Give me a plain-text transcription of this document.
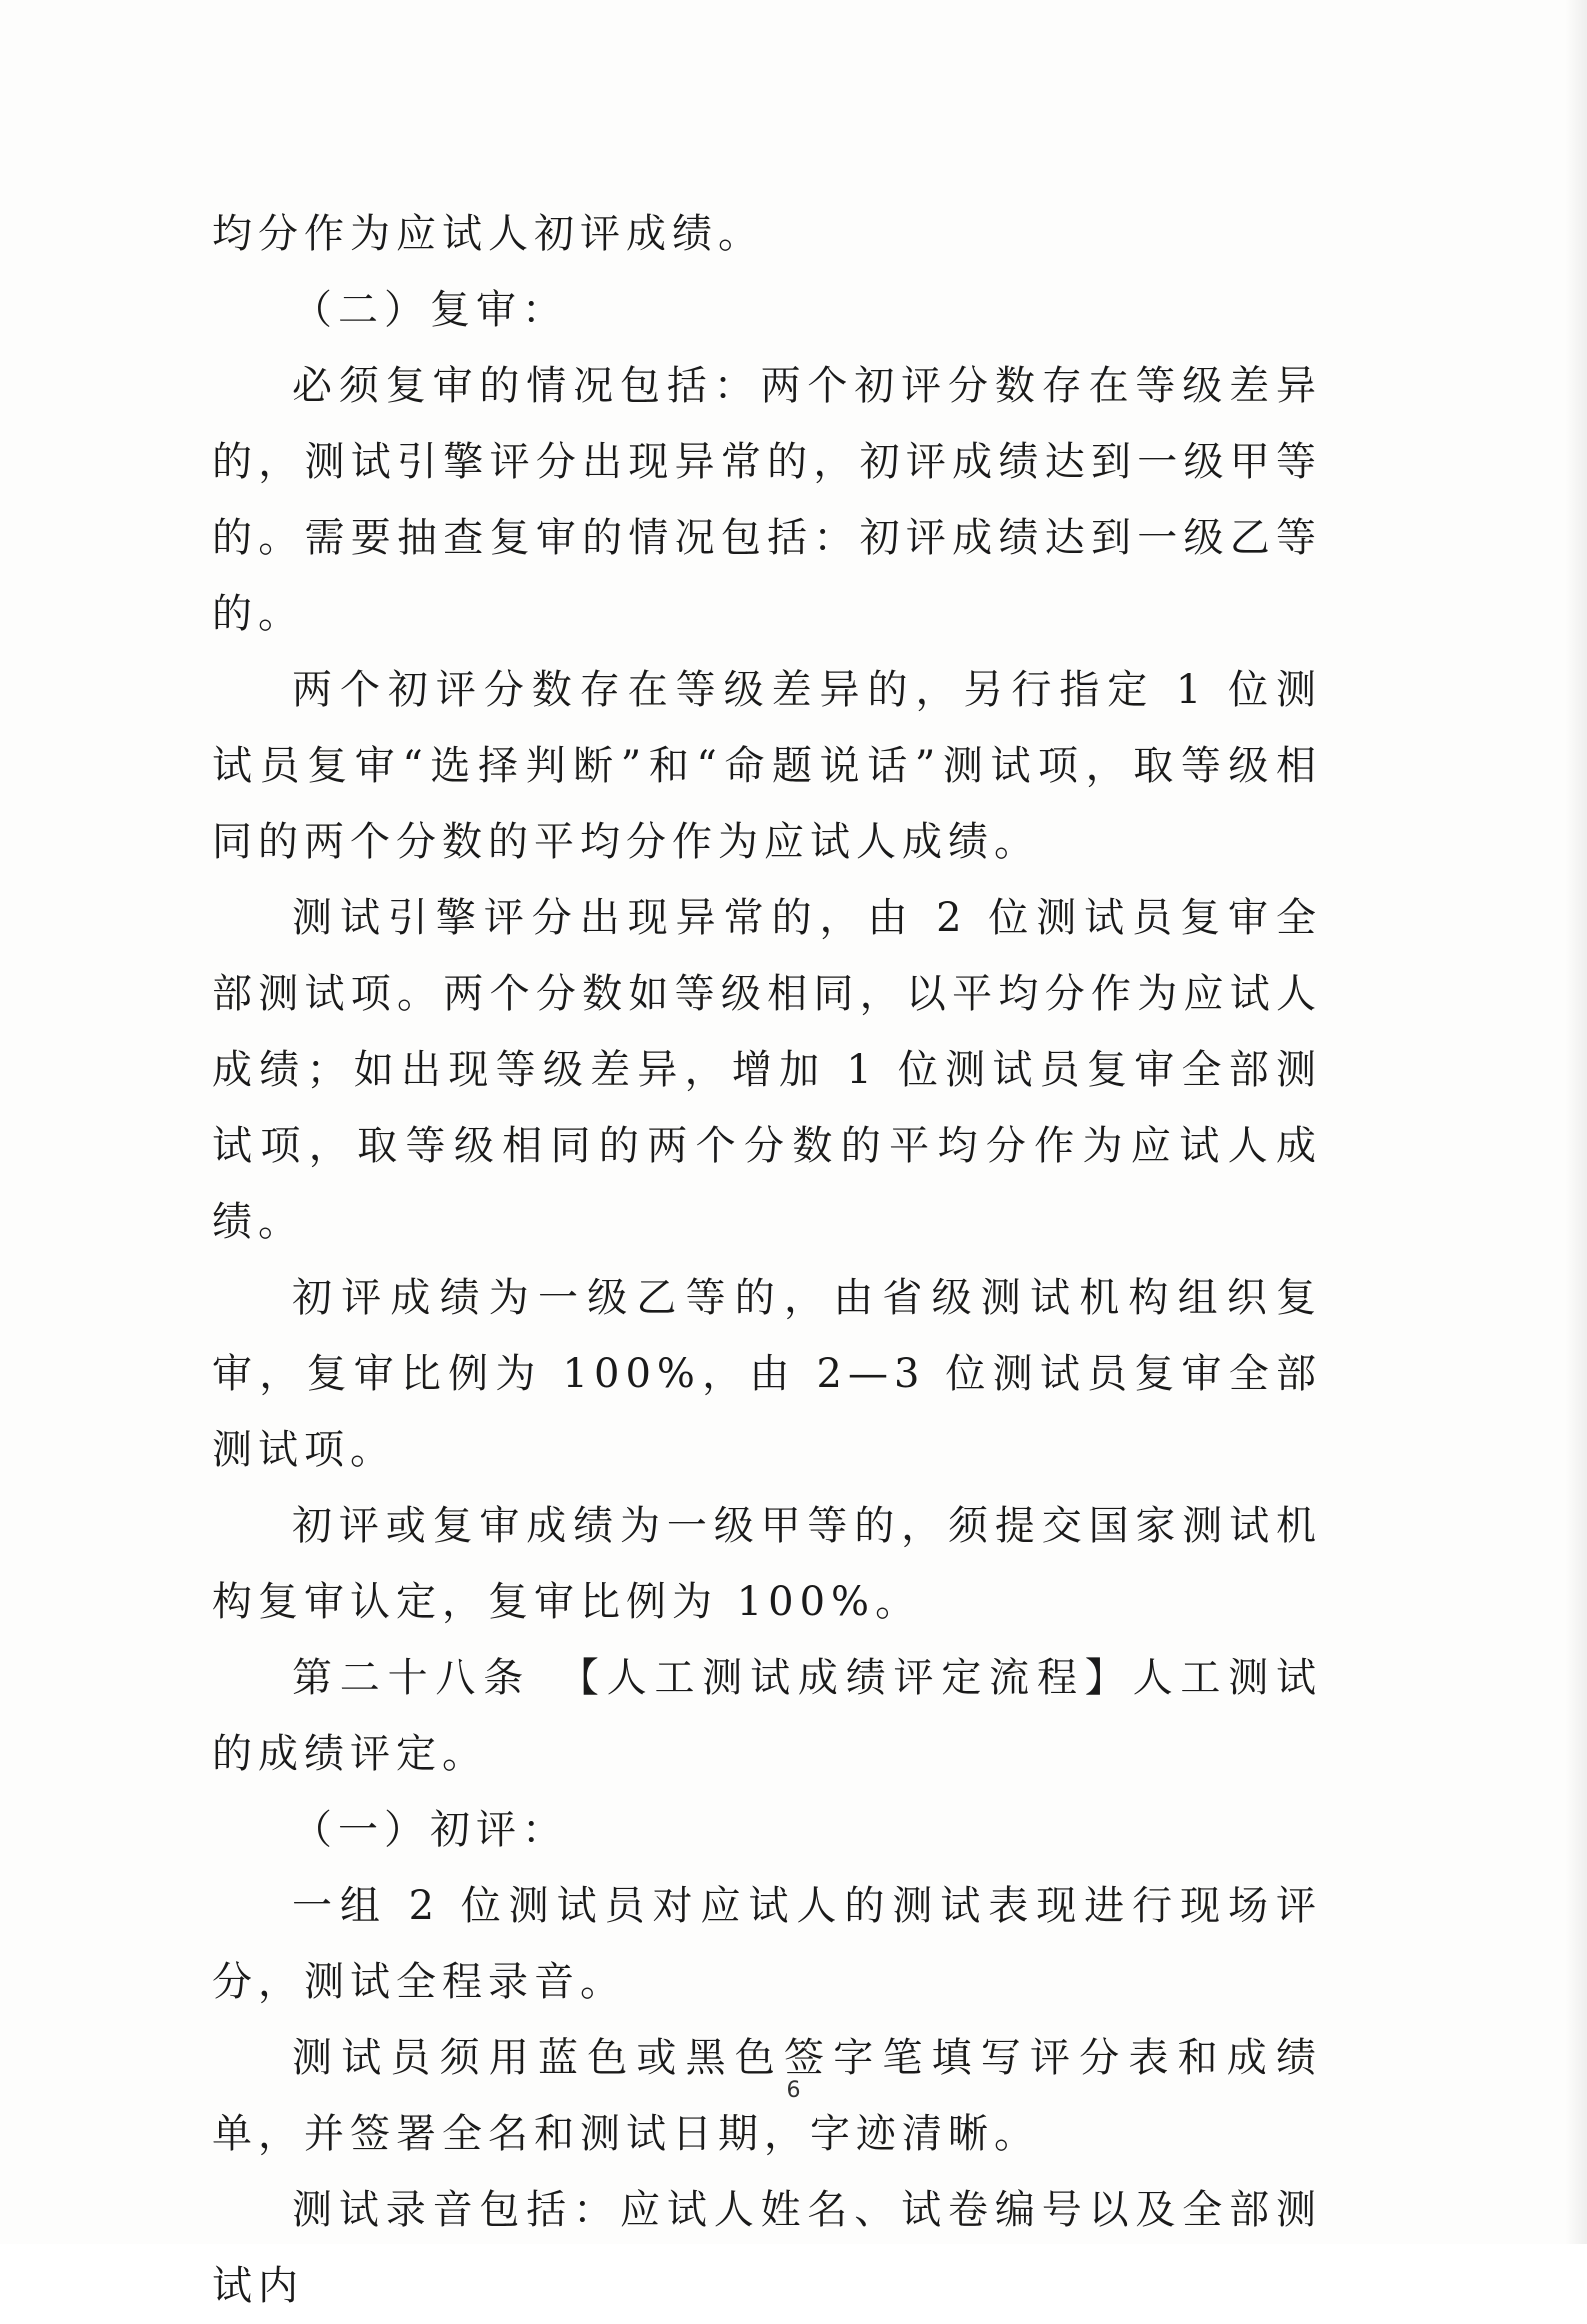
均分作为应试人初评成绩。

（二）复审：

必须复审的情况包括：两个初评分数存在等级差异的，测试引擎评分出现异常的，初评成绩达到一级甲等的。需要抽查复审的情况包括：初评成绩达到一级乙等的。

两个初评分数存在等级差异的，另行指定 1 位测试员复审“选择判断”和“命题说话”测试项，取等级相同的两个分数的平均分作为应试人成绩。

测试引擎评分出现异常的，由 2 位测试员复审全部测试项。两个分数如等级相同，以平均分作为应试人成绩；如出现等级差异，增加 1 位测试员复审全部测试项，取等级相同的两个分数的平均分作为应试人成绩。

初评成绩为一级乙等的，由省级测试机构组织复审，复审比例为 100%，由 2—3 位测试员复审全部测试项。

初评或复审成绩为一级甲等的，须提交国家测试机构复审认定，复审比例为 100%。

第二十八条　【人工测试成绩评定流程】人工测试的成绩评定。

（一）初评：

一组 2 位测试员对应试人的测试表现进行现场评分，测试全程录音。

测试员须用蓝色或黑色签字笔填写评分表和成绩单，并签署全名和测试日期，字迹清晰。

测试录音包括：应试人姓名、试卷编号以及全部测试内

6
